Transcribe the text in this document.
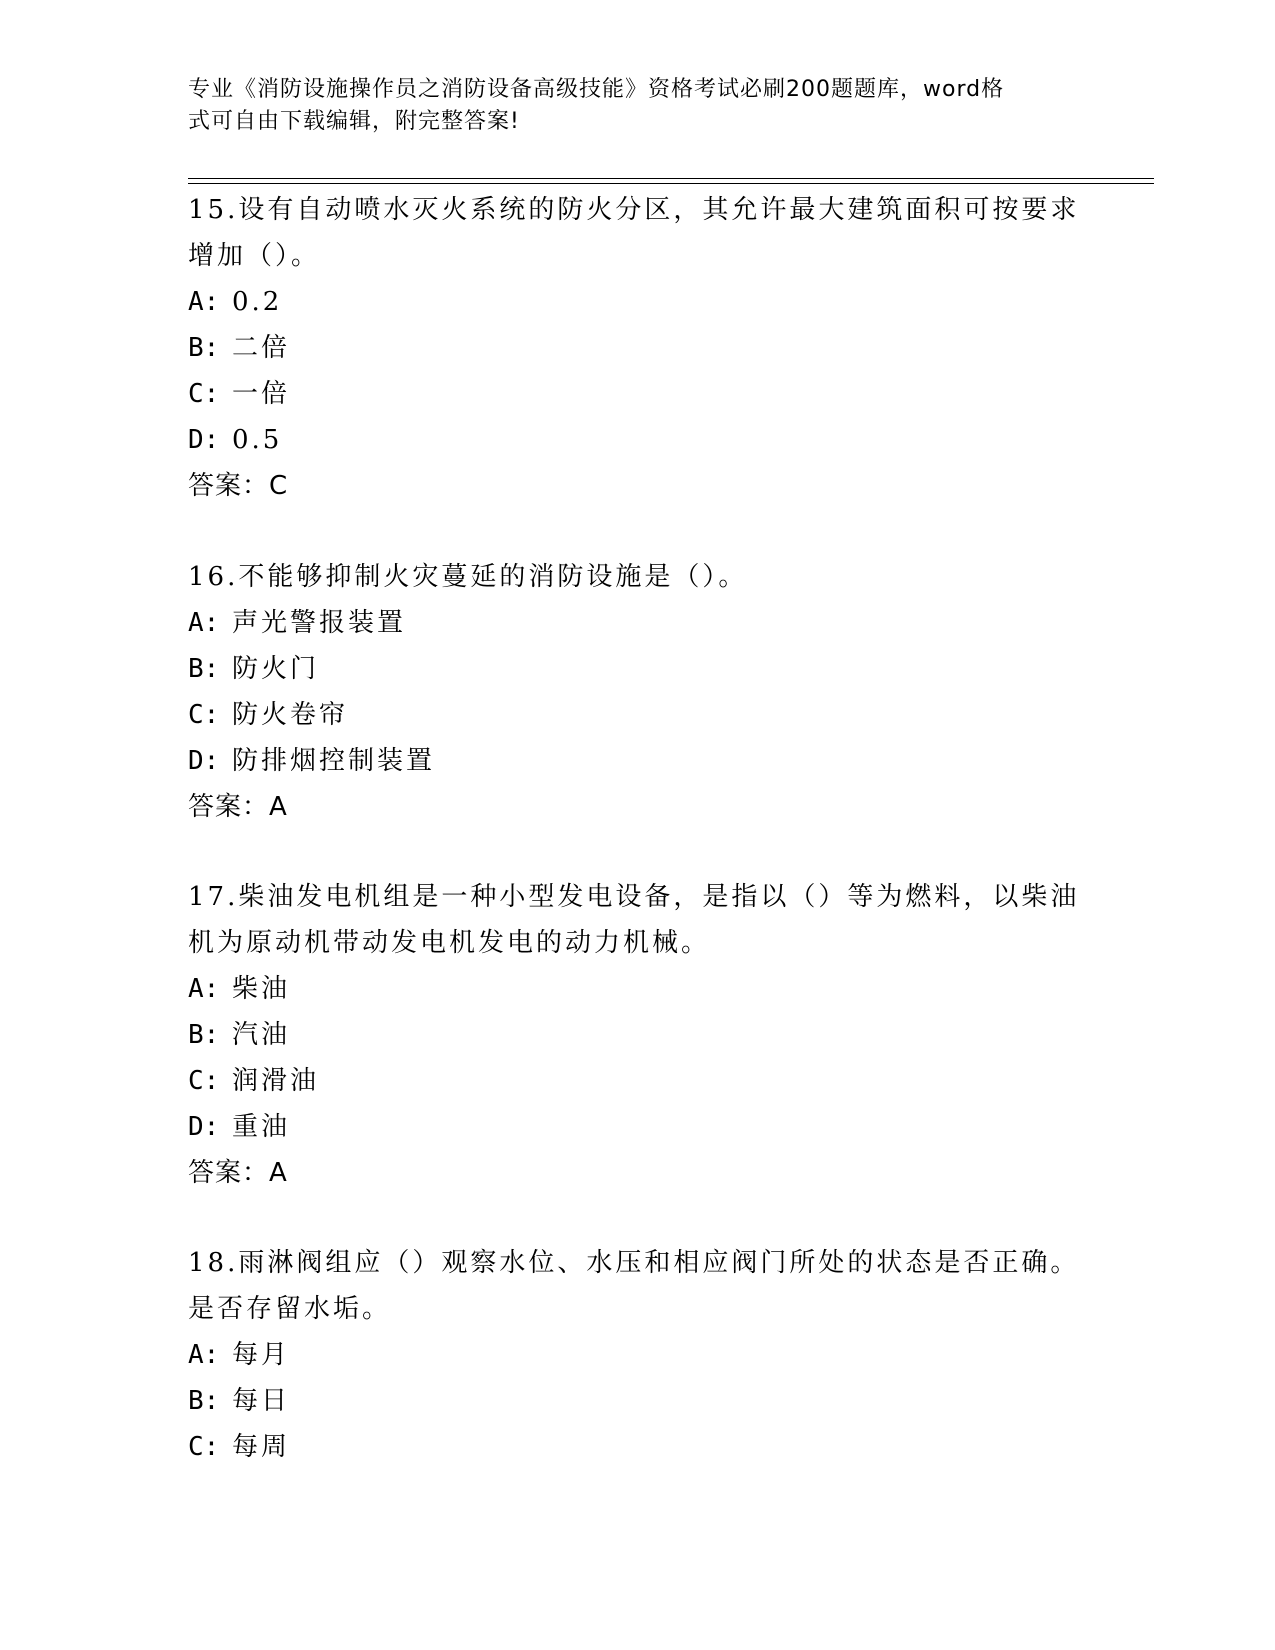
专业《消防设施操作员之消防设备高级技能》资格考试必刷200题题库，word格
式可自由下载编辑，附完整答案!
15.设有自动喷水灭火系统的防火分区，其允许最大建筑面积可按要求
增加（）。
A: 0.2
B: 二倍
C: 一倍
D: 0.5
答案：C
16.不能够抑制火灾蔓延的消防设施是（）。
A: 声光警报装置
B: 防火门
C: 防火卷帘
D: 防排烟控制装置
答案：A
17.柴油发电机组是一种小型发电设备，是指以（）等为燃料，以柴油
机为原动机带动发电机发电的动力机械。
A: 柴油
B: 汽油
C: 润滑油
D: 重油
答案：A
18.雨淋阀组应（）观察水位、水压和相应阀门所处的状态是否正确。
是否存留水垢。
A: 每月
B: 每日
C: 每周
